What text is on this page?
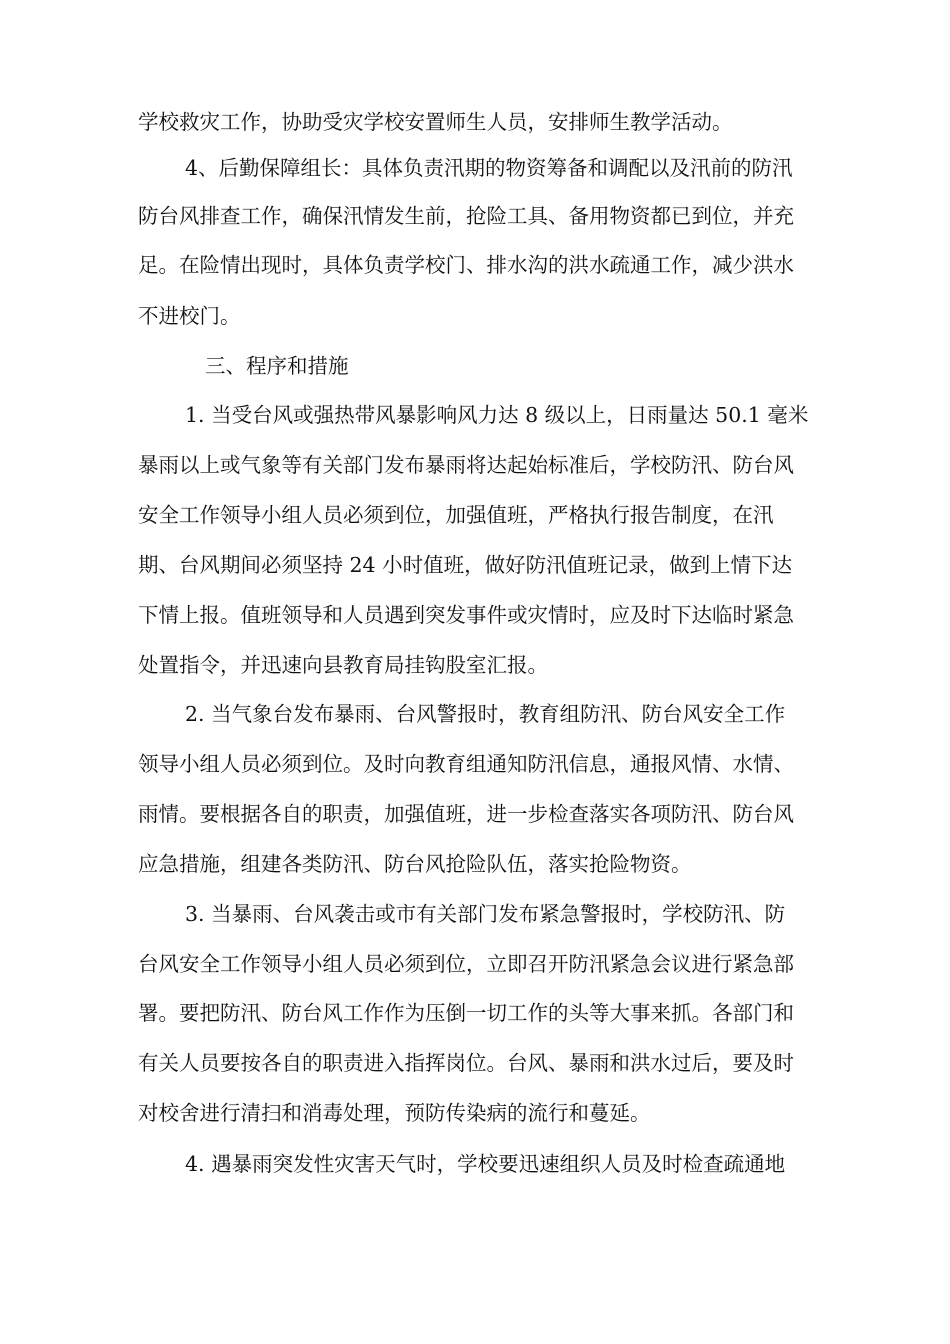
学校救灾工作，协助受灾学校安置师生人员，安排师生教学活动。
4、后勤保障组长：具体负责汛期的物资筹备和调配以及汛前的防汛
防台风排查工作，确保汛情发生前，抢险工具、备用物资都已到位，并充
足。在险情出现时，具体负责学校门、排水沟的洪水疏通工作，减少洪水
不进校门。
三、程序和措施
1. 当受台风或强热带风暴影响风力达 8 级以上，日雨量达 50.1 毫米
暴雨以上或气象等有关部门发布暴雨将达起始标准后，学校防汛、防台风
安全工作领导小组人员必须到位，加强值班，严格执行报告制度，在汛
期、台风期间必须坚持 24 小时值班，做好防汛值班记录，做到上情下达
下情上报。值班领导和人员遇到突发事件或灾情时，应及时下达临时紧急
处置指令，并迅速向县教育局挂钩股室汇报。
2. 当气象台发布暴雨、台风警报时，教育组防汛、防台风安全工作
领导小组人员必须到位。及时向教育组通知防汛信息，通报风情、水情、
雨情。要根据各自的职责，加强值班，进一步检查落实各项防汛、防台风
应急措施，组建各类防汛、防台风抢险队伍，落实抢险物资。
3. 当暴雨、台风袭击或市有关部门发布紧急警报时，学校防汛、防
台风安全工作领导小组人员必须到位，立即召开防汛紧急会议进行紧急部
署。要把防汛、防台风工作作为压倒一切工作的头等大事来抓。各部门和
有关人员要按各自的职责进入指挥岗位。台风、暴雨和洪水过后，要及时
对校舍进行清扫和消毒处理，预防传染病的流行和蔓延。
4. 遇暴雨突发性灾害天气时，学校要迅速组织人员及时检查疏通地
